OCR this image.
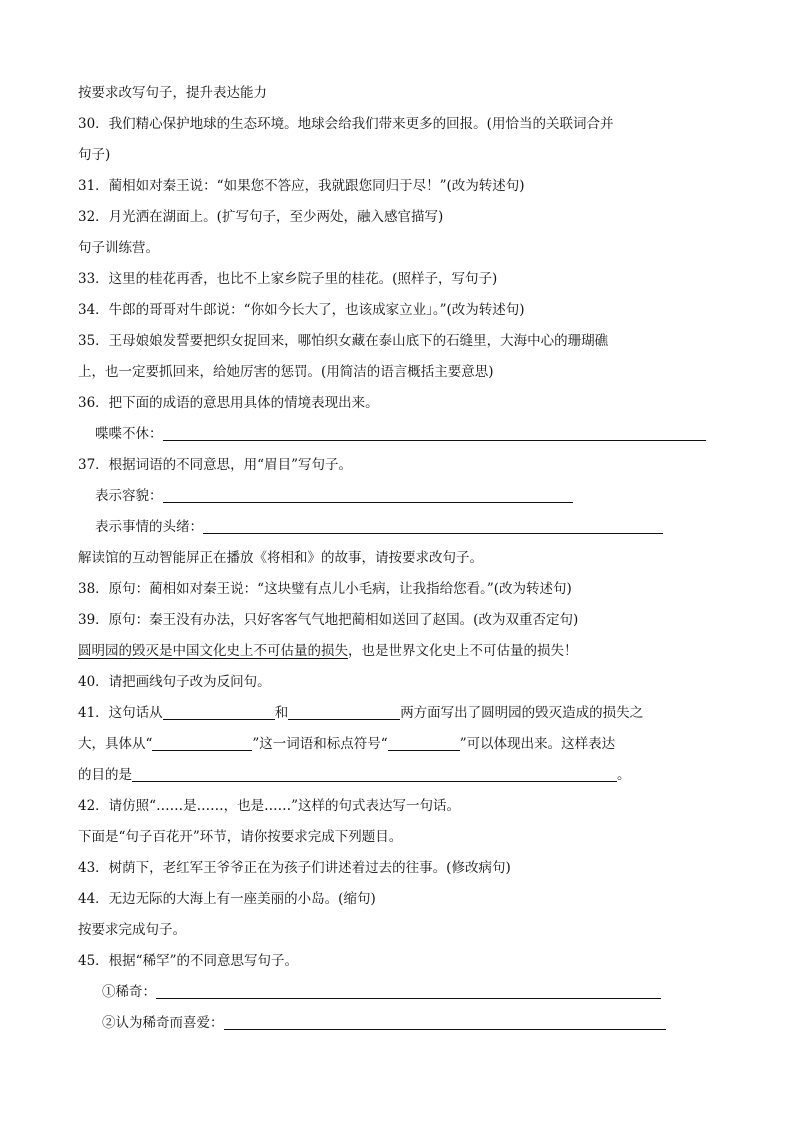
按要求改写句子，提升表达能力
30．我们精心保护地球的生态环境。地球会给我们带来更多的回报。(用恰当的关联词合并
句子)
31．蔺相如对秦王说：“如果您不答应，我就跟您同归于尽！”(改为转述句)
32．月光洒在湖面上。(扩写句子，至少两处，融入感官描写)
句子训练营。
33．这里的桂花再香，也比不上家乡院子里的桂花。(照样子，写句子)
34．牛郎的哥哥对牛郎说：“你如今长大了，也该成家立业」。”(改为转述句)
35．王母娘娘发誓要把织女捉回来，哪怕织女藏在泰山底下的石缝里，大海中心的珊瑚礁
上，也一定要抓回来，给她厉害的惩罚。(用简洁的语言概括主要意思)
36．把下面的成语的意思用具体的情境表现出来。
喋喋不休：
37．根据词语的不同意思，用“眉目”写句子。
表示容貌：
表示事情的头绪：
解读馆的互动智能屏正在播放《将相和》的故事，请按要求改句子。
38．原句：蔺相如对秦王说：“这块璧有点儿小毛病，让我指给您看。”(改为转述句)
39．原句：秦王没有办法，只好客客气气地把蔺相如送回了赵国。(改为双重否定句)
圆明园的毁灭是中国文化史上不可估量的损失，也是世界文化史上不可估量的损失！
40．请把画线句子改为反问句。
41．这句话从	和	两方面写出了圆明园的毁灭造成的损失之
大，具体从“	”这一词语和标点符号“	”可以体现出来。这样表达
的目的是	。
42．请仿照“……是……，也是……”这样的句式表达写一句话。
下面是“句子百花开”环节，请你按要求完成下列题目。
43．树荫下，老红军王爷爷正在为孩子们讲述着过去的往事。(修改病句)
44．无边无际的大海上有一座美丽的小岛。(缩句)
按要求完成句子。
45．根据“稀罕”的不同意思写句子。
①稀奇：
②认为稀奇而喜爱：
